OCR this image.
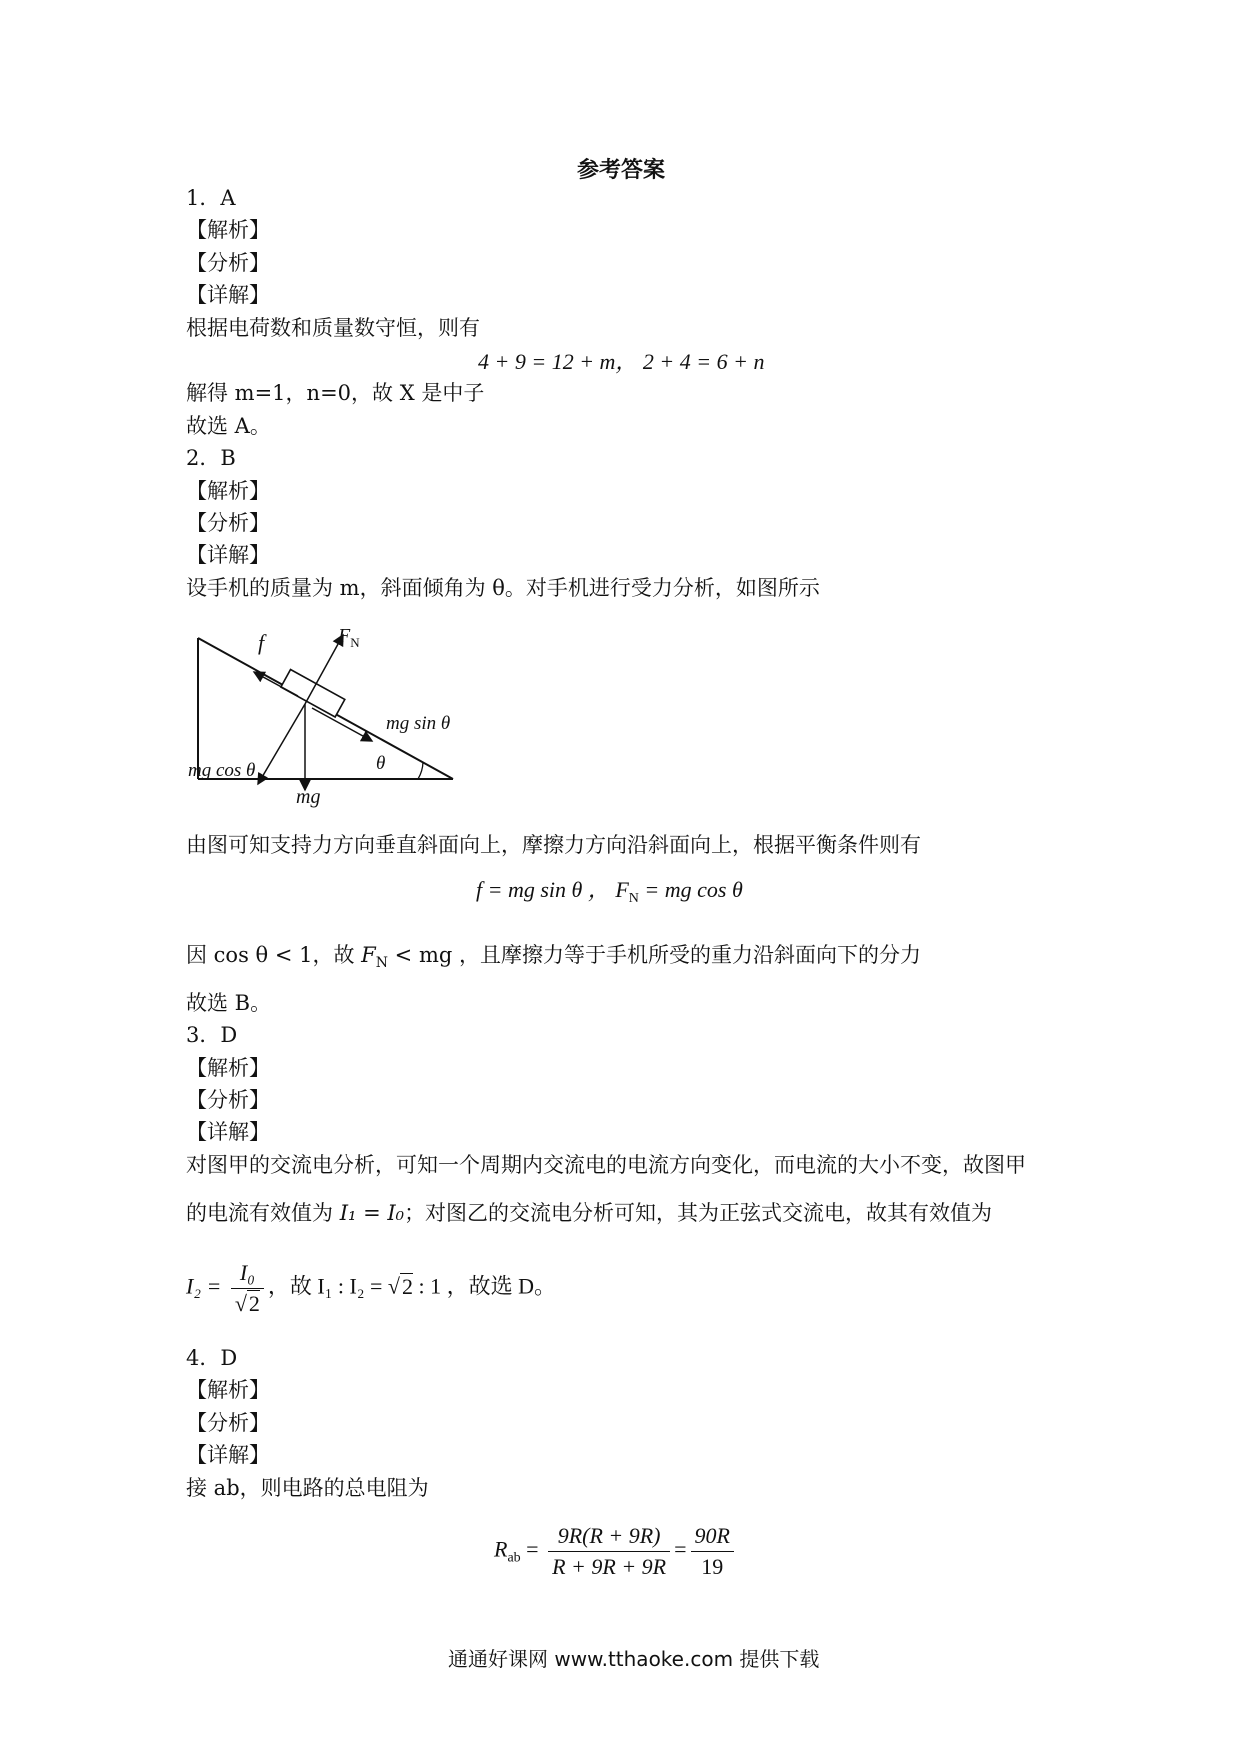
参考答案
1．A
【解析】
【分析】
【详解】
根据电荷数和质量数守恒，则有
4 + 9 = 12 + m， 2 + 4 = 6 + n
解得 m=1，n=0，故 X 是中子
故选 A。
2．B
【解析】
【分析】
【详解】
设手机的质量为 m，斜面倾角为 θ。对手机进行受力分析，如图所示
f	$F_N$
mg sin θ
mg cos θ	θ
mg
由图可知支持力方向垂直斜面向上，摩擦力方向沿斜面向上，根据平衡条件则有
f = mg sin θ ， $F_N$ = mg cos θ
因 cos θ < 1，故 $F_N$ < mg ，且摩擦力等于手机所受的重力沿斜面向下的分力
故选 B。
3．D
【解析】
【分析】
【详解】
对图甲的交流电分析，可知一个周期内交流电的电流方向变化，而电流的大小不变，故图甲
的电流有效值为 I₁ = I₀；对图乙的交流电分析可知，其为正弦式交流电，故其有效值为
$I_2 = \frac{\text{I₀}}{√2}$ ，故 I₁ : I₂ = √2 : 1 ，故选 D。
4．D
【解析】
【分析】
【详解】
接 ab，则电路的总电阻为
$R_{ab} = \frac{9R(R + 9R)}{R + 9R + 9R} = \frac{90R}{19}$
通通好课网 www.tthaoke.com 提供下载
